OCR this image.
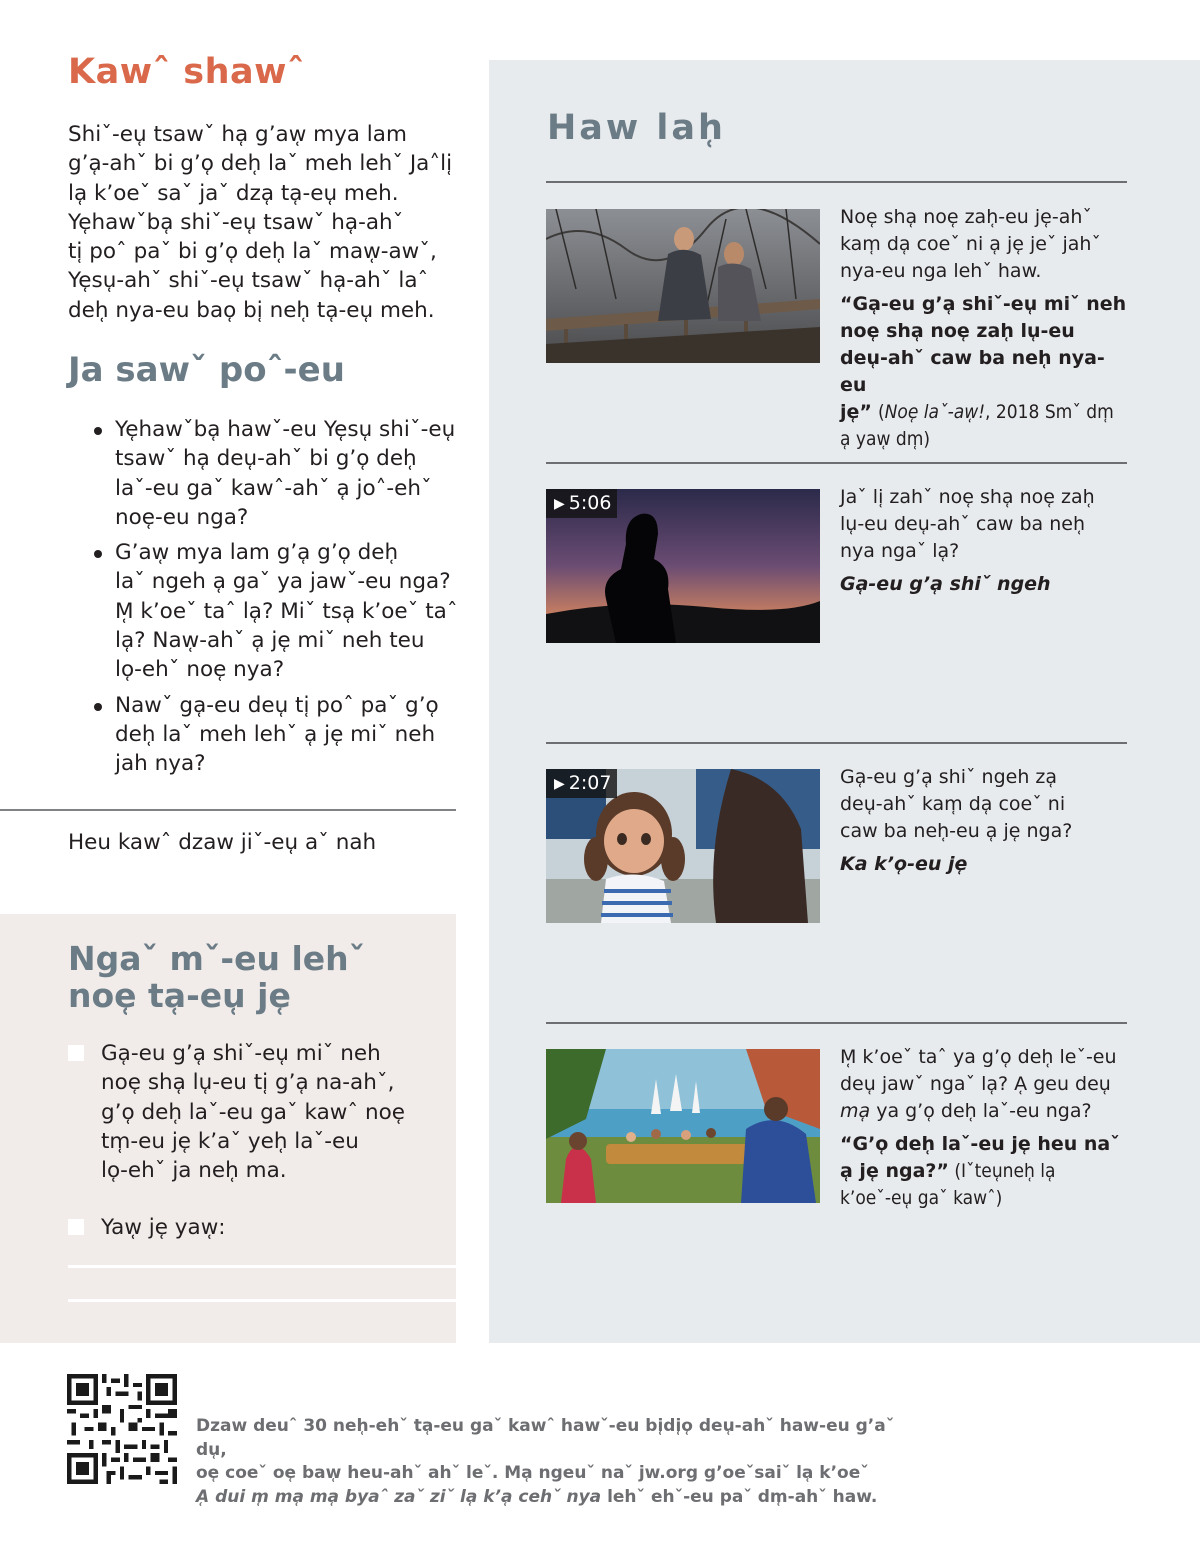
Kawˆ shawˆ
Shiˇ-eu̜ tsawˇ ha̜ g’aw̜ mya lam
g’a̜-ahˇ bi g’o̜ deh̜ laˇ meh lehˇ Ja˄li̜
la̜ k’oeˇ saˇ jaˇ dza̜ ta̜-eu̜ meh.
Ye̜hawˇba̜ shiˇ-eu̜ tsawˇ ha̜-ahˇ
ti̜ poˆ paˇ bi g’o̜ deh̜ laˇ maw̜-awˇ,
Ye̜su̜-ahˇ shiˇ-eu̜ tsawˇ ha̜-ahˇ laˆ
deh̜ nya-eu bao̜ bi̜ neh̜ ta̜-eu̜ meh.
Ja sawˇ poˆ-eu
Ye̜hawˇba̜ hawˇ-eu Ye̜su̜ shiˇ-eu̜
tsawˇ ha̜ deu̜-ahˇ bi g’o̜ deh̜
laˇ-eu gaˇ kawˆ-ahˇ a̜ jo˄-ehˇ
noe̜-eu nga?
G’aw̜ mya lam g’a̜ g’o̜ deh̜
laˇ ngeh a̜ gaˇ ya jawˇ-eu nga?
M̜ k’oeˇ taˆ la̜? Miˇ tsa̜ k’oeˇ taˆ
la̜? Naw̜-ahˇ a̜ je̜ miˇ neh teu
lo̜-ehˇ noe̜ nya?
Nawˇ ga̜-eu deu̜ ti̜ poˆ paˇ g’o̜
deh̜ laˇ meh lehˇ a̜ je̜ miˇ neh
jah nya?
Heu kawˆ dzaw jiˇ-eu̜ aˇ nah
Ngaˇ mˇ-eu lehˇ
noe̜ ta̜-eu̜ je̜
Ga̜-eu g’a̜ shiˇ-eu̜ miˇ neh
noe̜ sha̜ lu̜-eu ti̜ g’a̜ na-ahˇ,
g’o̜ deh̜ laˇ-eu gaˇ kawˆ noe̜
tm̜-eu je̜ k’aˇ yeh̜ laˇ-eu
lo̜-ehˇ ja neh̜ ma.
Yaw̜ je̜ yaw̜:
Haw lah̜
Noe̜ sha̜ noe̜ zah̜-eu je̜-ahˇ
kam̜ da̜ coeˇ ni a̜ je̜ jeˇ jahˇ
nya-eu nga lehˇ haw.
“Ga̜-eu g’a̜ shiˇ-eu̜ miˇ neh
noe̜ sha̜ noe̜ zah̜ lu̜-eu
deu̜-ahˇ caw ba neh̜ nya-eu
je̜” (Noe̜ laˇ-aw̜!, 2018 Smˇ dm̜
a̜ yaw̜ dm̜)
▶ 5:06	Jaˇ li̜ zahˇ noe̜ sha̜ noe̜ zah̜
lu̜-eu deu̜-ahˇ caw ba neh̜
nya ngaˇ la̜?
Ga̜-eu g’a̜ shiˇ ngeh
▶ 2:07	Ga̜-eu g’a̜ shiˇ ngeh za̜
deu̜-ahˇ kam̜ da̜ coeˇ ni
caw ba neh̜-eu a̜ je̜ nga?
Ka k’o̜-eu je̜
M̜ k’oeˇ taˆ ya g’o̜ deh̜ leˇ-eu
deu̜ jawˇ ngaˇ la̜? A̜ geu deu̜
ma̜ ya g’o̜ deh̜ laˇ-eu nga?
“G’o̜ deh̜ laˇ-eu je̜ heu naˇ
a̜ je̜ nga?” (Iˇteu̜neh̜ la̜
k’oeˇ-eu̜ gaˇ kawˆ)
Dzaw deuˆ 30 neh̜-ehˇ ta̜-eu gaˇ kawˆ hawˇ-eu bi̜di̜o̜ deu̜-ahˇ haw-eu g’aˇ du̜,
oe̜ coeˇ oe̜ baw̜ heu-ahˇ ahˇ leˇ. Ma̜ ngeuˇ naˇ jw.org g’oeˇsaiˇ la̜ k’oeˇ
A̜ dui m̜ ma̜ ma̜ byaˆ zaˇ ziˇ la̜ k’a̜ cehˇ nya lehˇ ehˇ-eu paˇ dm̜-ahˇ haw.
